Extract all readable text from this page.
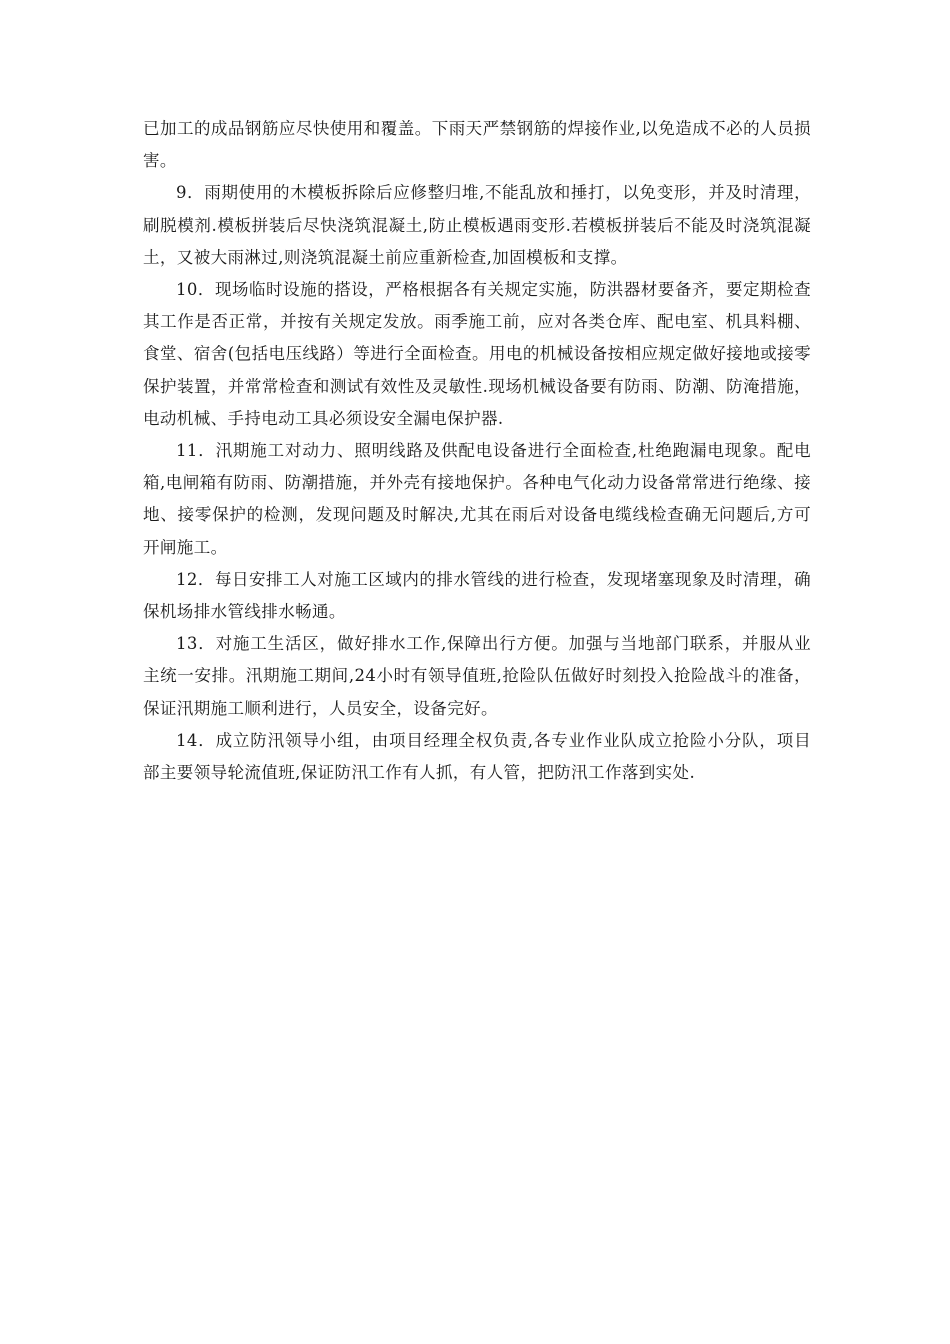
已加工的成品钢筋应尽快使用和覆盖。下雨天严禁钢筋的焊接作业,以免造成不必的人员损害。

9．雨期使用的木模板拆除后应修整归堆,不能乱放和捶打，以免变形，并及时清理，刷脱模剂.模板拼装后尽快浇筑混凝土,防止模板遇雨变形.若模板拼装后不能及时浇筑混凝土，又被大雨淋过,则浇筑混凝土前应重新检查,加固模板和支撑。

10．现场临时设施的搭设，严格根据各有关规定实施，防洪器材要备齐，要定期检查其工作是否正常，并按有关规定发放。雨季施工前，应对各类仓库、配电室、机具料棚、食堂、宿舍(包括电压线路）等进行全面检查。用电的机械设备按相应规定做好接地或接零保护装置，并常常检查和测试有效性及灵敏性.现场机械设备要有防雨、防潮、防淹措施，电动机械、手持电动工具必须设安全漏电保护器.

11．汛期施工对动力、照明线路及供配电设备进行全面检查,杜绝跑漏电现象。配电箱,电闸箱有防雨、防潮措施，并外壳有接地保护。各种电气化动力设备常常进行绝缘、接地、接零保护的检测，发现问题及时解决,尤其在雨后对设备电缆线检查确无问题后,方可开闸施工。

12．每日安排工人对施工区域内的排水管线的进行检查，发现堵塞现象及时清理，确保机场排水管线排水畅通。

13．对施工生活区，做好排水工作,保障出行方便。加强与当地部门联系，并服从业主统一安排。汛期施工期间,24小时有领导值班,抢险队伍做好时刻投入抢险战斗的准备，保证汛期施工顺利进行，人员安全，设备完好。

14．成立防汛领导小组，由项目经理全权负责,各专业作业队成立抢险小分队，项目部主要领导轮流值班,保证防汛工作有人抓，有人管，把防汛工作落到实处.
